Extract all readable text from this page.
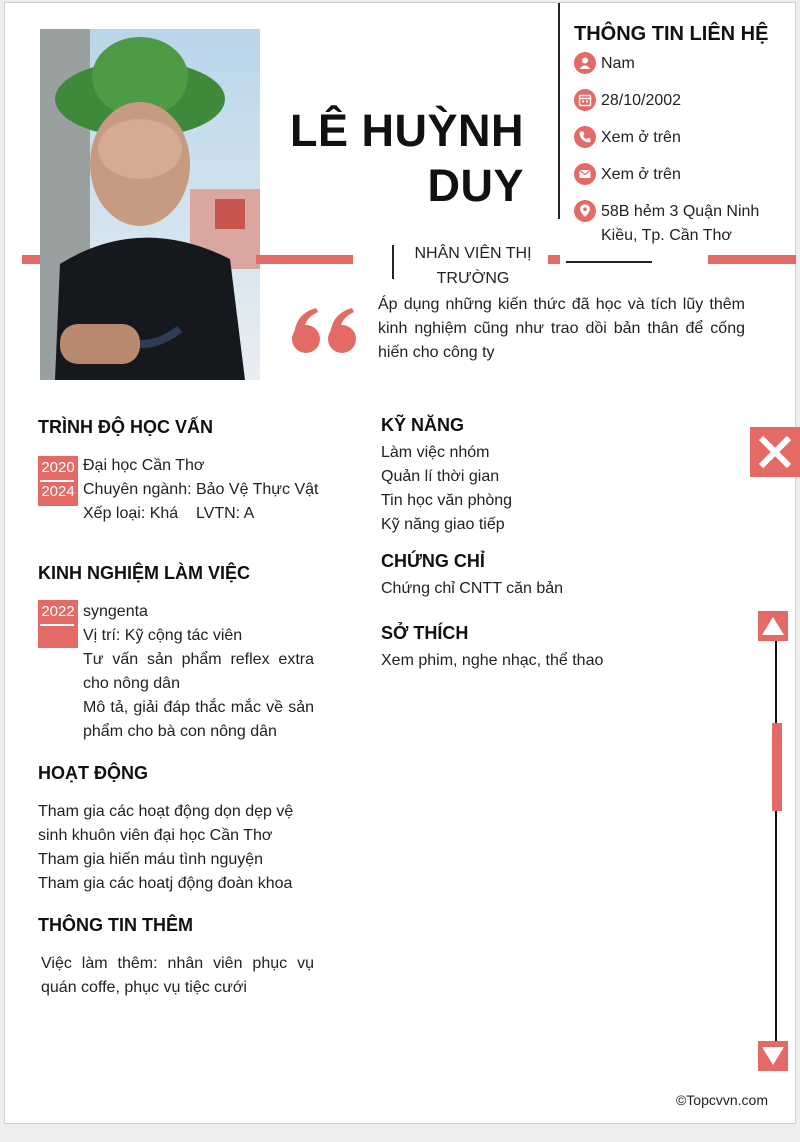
LÊ HUỲNH
DUY
THÔNG TIN LIÊN HỆ
Nam
28/10/2002
Xem ở trên
Xem ở trên
58B hẻm 3 Quận Ninh
Kiều, Tp. Cần Thơ
NHÂN VIÊN THỊ
TRƯỜNG
Áp dụng những kiến thức đã học và tích lũy thêm kinh nghiệm cũng như trao dồi bản thân để cống hiến cho công ty
TRÌNH ĐỘ HỌC VẤN
2020
2024
Đại học Cần Thơ
Chuyên ngành: Bảo Vệ Thực Vật
Xếp loại: Khá    LVTN: A
KINH NGHIỆM LÀM VIỆC
2022 syngenta
Vị trí: Kỹ cộng tác viên
Tư vấn sản phẩm reflex extra
cho nông dân
Mô tả, giải đáp thắc mắc về sản
phẩm cho bà con nông dân
HOẠT ĐỘNG
Tham gia các hoạt động dọn dẹp vệ
sinh khuôn viên đại học Cần Thơ
Tham gia hiến máu tình nguyện
Tham gia các hoatj động đoàn khoa
THÔNG TIN THÊM
Việc làm thêm: nhân viên phục vụ
quán coffe, phục vụ tiệc cưới
KỸ NĂNG
Làm việc nhóm
Quản lí thời gian
Tin học văn phòng
Kỹ năng giao tiếp
CHỨNG CHỈ
Chứng chỉ CNTT căn bản
SỞ THÍCH
Xem phim, nghe nhạc, thể thao
©Topcvvn.com
